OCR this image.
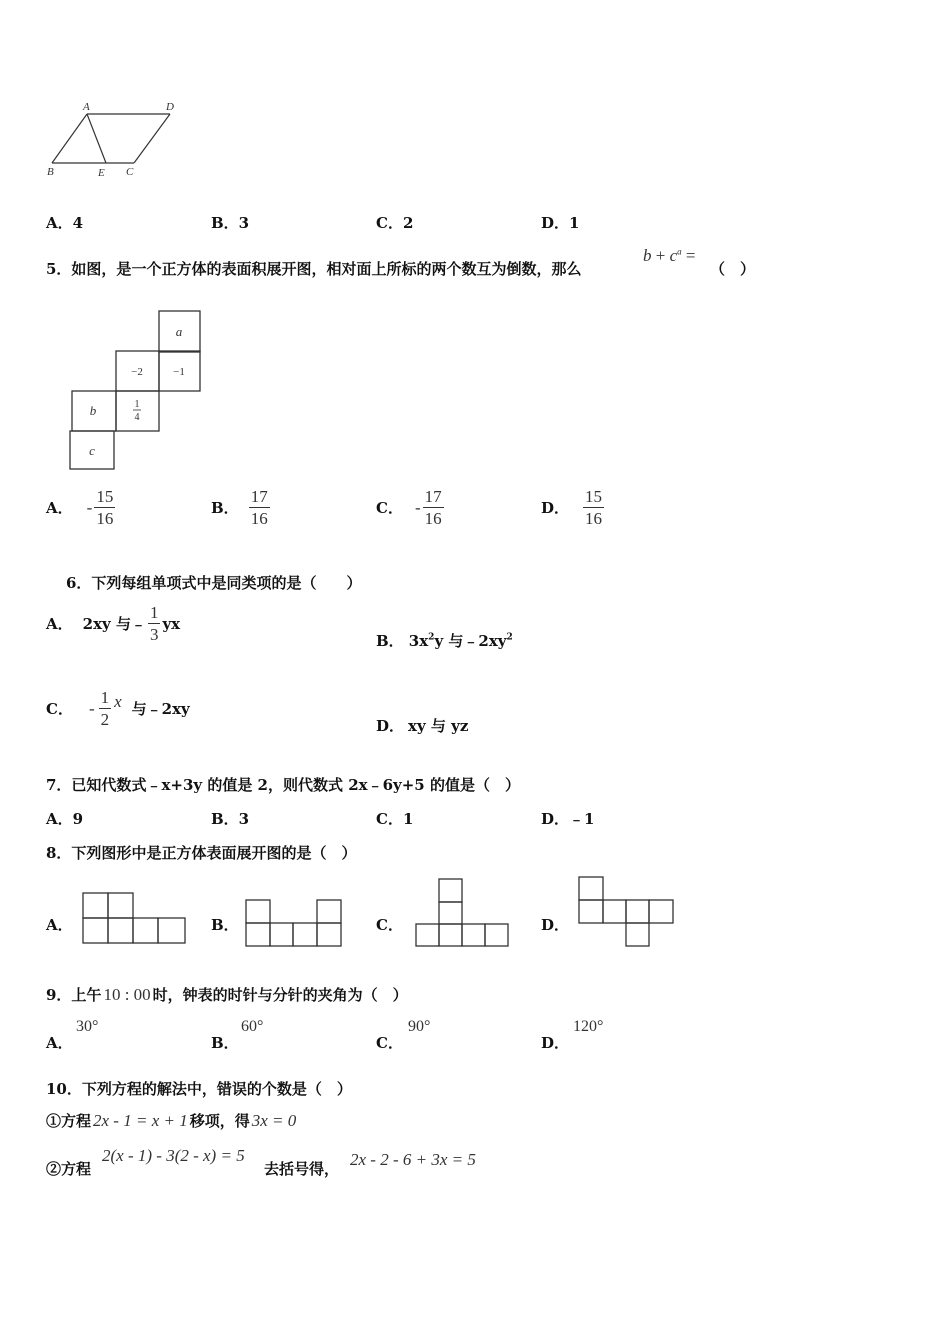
A	D
B	E C
A．4	B．3	C．2	D．1
5．如图，是一个正方体的表面积展开图，相对面上所标的两个数互为倒数，那么
$b + c^a$ =
（　）
a
−2	−1
b	1
4
c
A． - $\frac{15}{16}$	B． $\frac{17}{16}$	C． - $\frac{17}{16}$	D． $\frac{15}{16}$
6．下列每组单项式中是同类项的是（　　）
A． 2xy 与﹣ $\frac{1}{3}$ yx
B． $3x^2y$ 与$﹣2xy^2$
C． - $\frac{1}{2}$ x 与﹣2xy
D． xy 与 yz
7．已知代数式﹣x+3y 的值是 2，则代数式 2x﹣6y+5 的值是（　）
A．9	B．3	C．1	D．﹣1
8．下列图形中是正方体表面展开图的是（　）
A．	B．	C．	D．
9．上午 10 : 00 时，钟表的时针与分针的夹角为（　）
A．
30°
B．
60°
C．
90°
D．
120°
10．下列方程的解法中，错误的个数是（　）
①方程 2x - 1 = x + 1 移项，得 3x = 0
②方程
2(x - 1) - 3(2 - x) = 5
去括号得， 2x - 2 - 6 + 3x = 5
